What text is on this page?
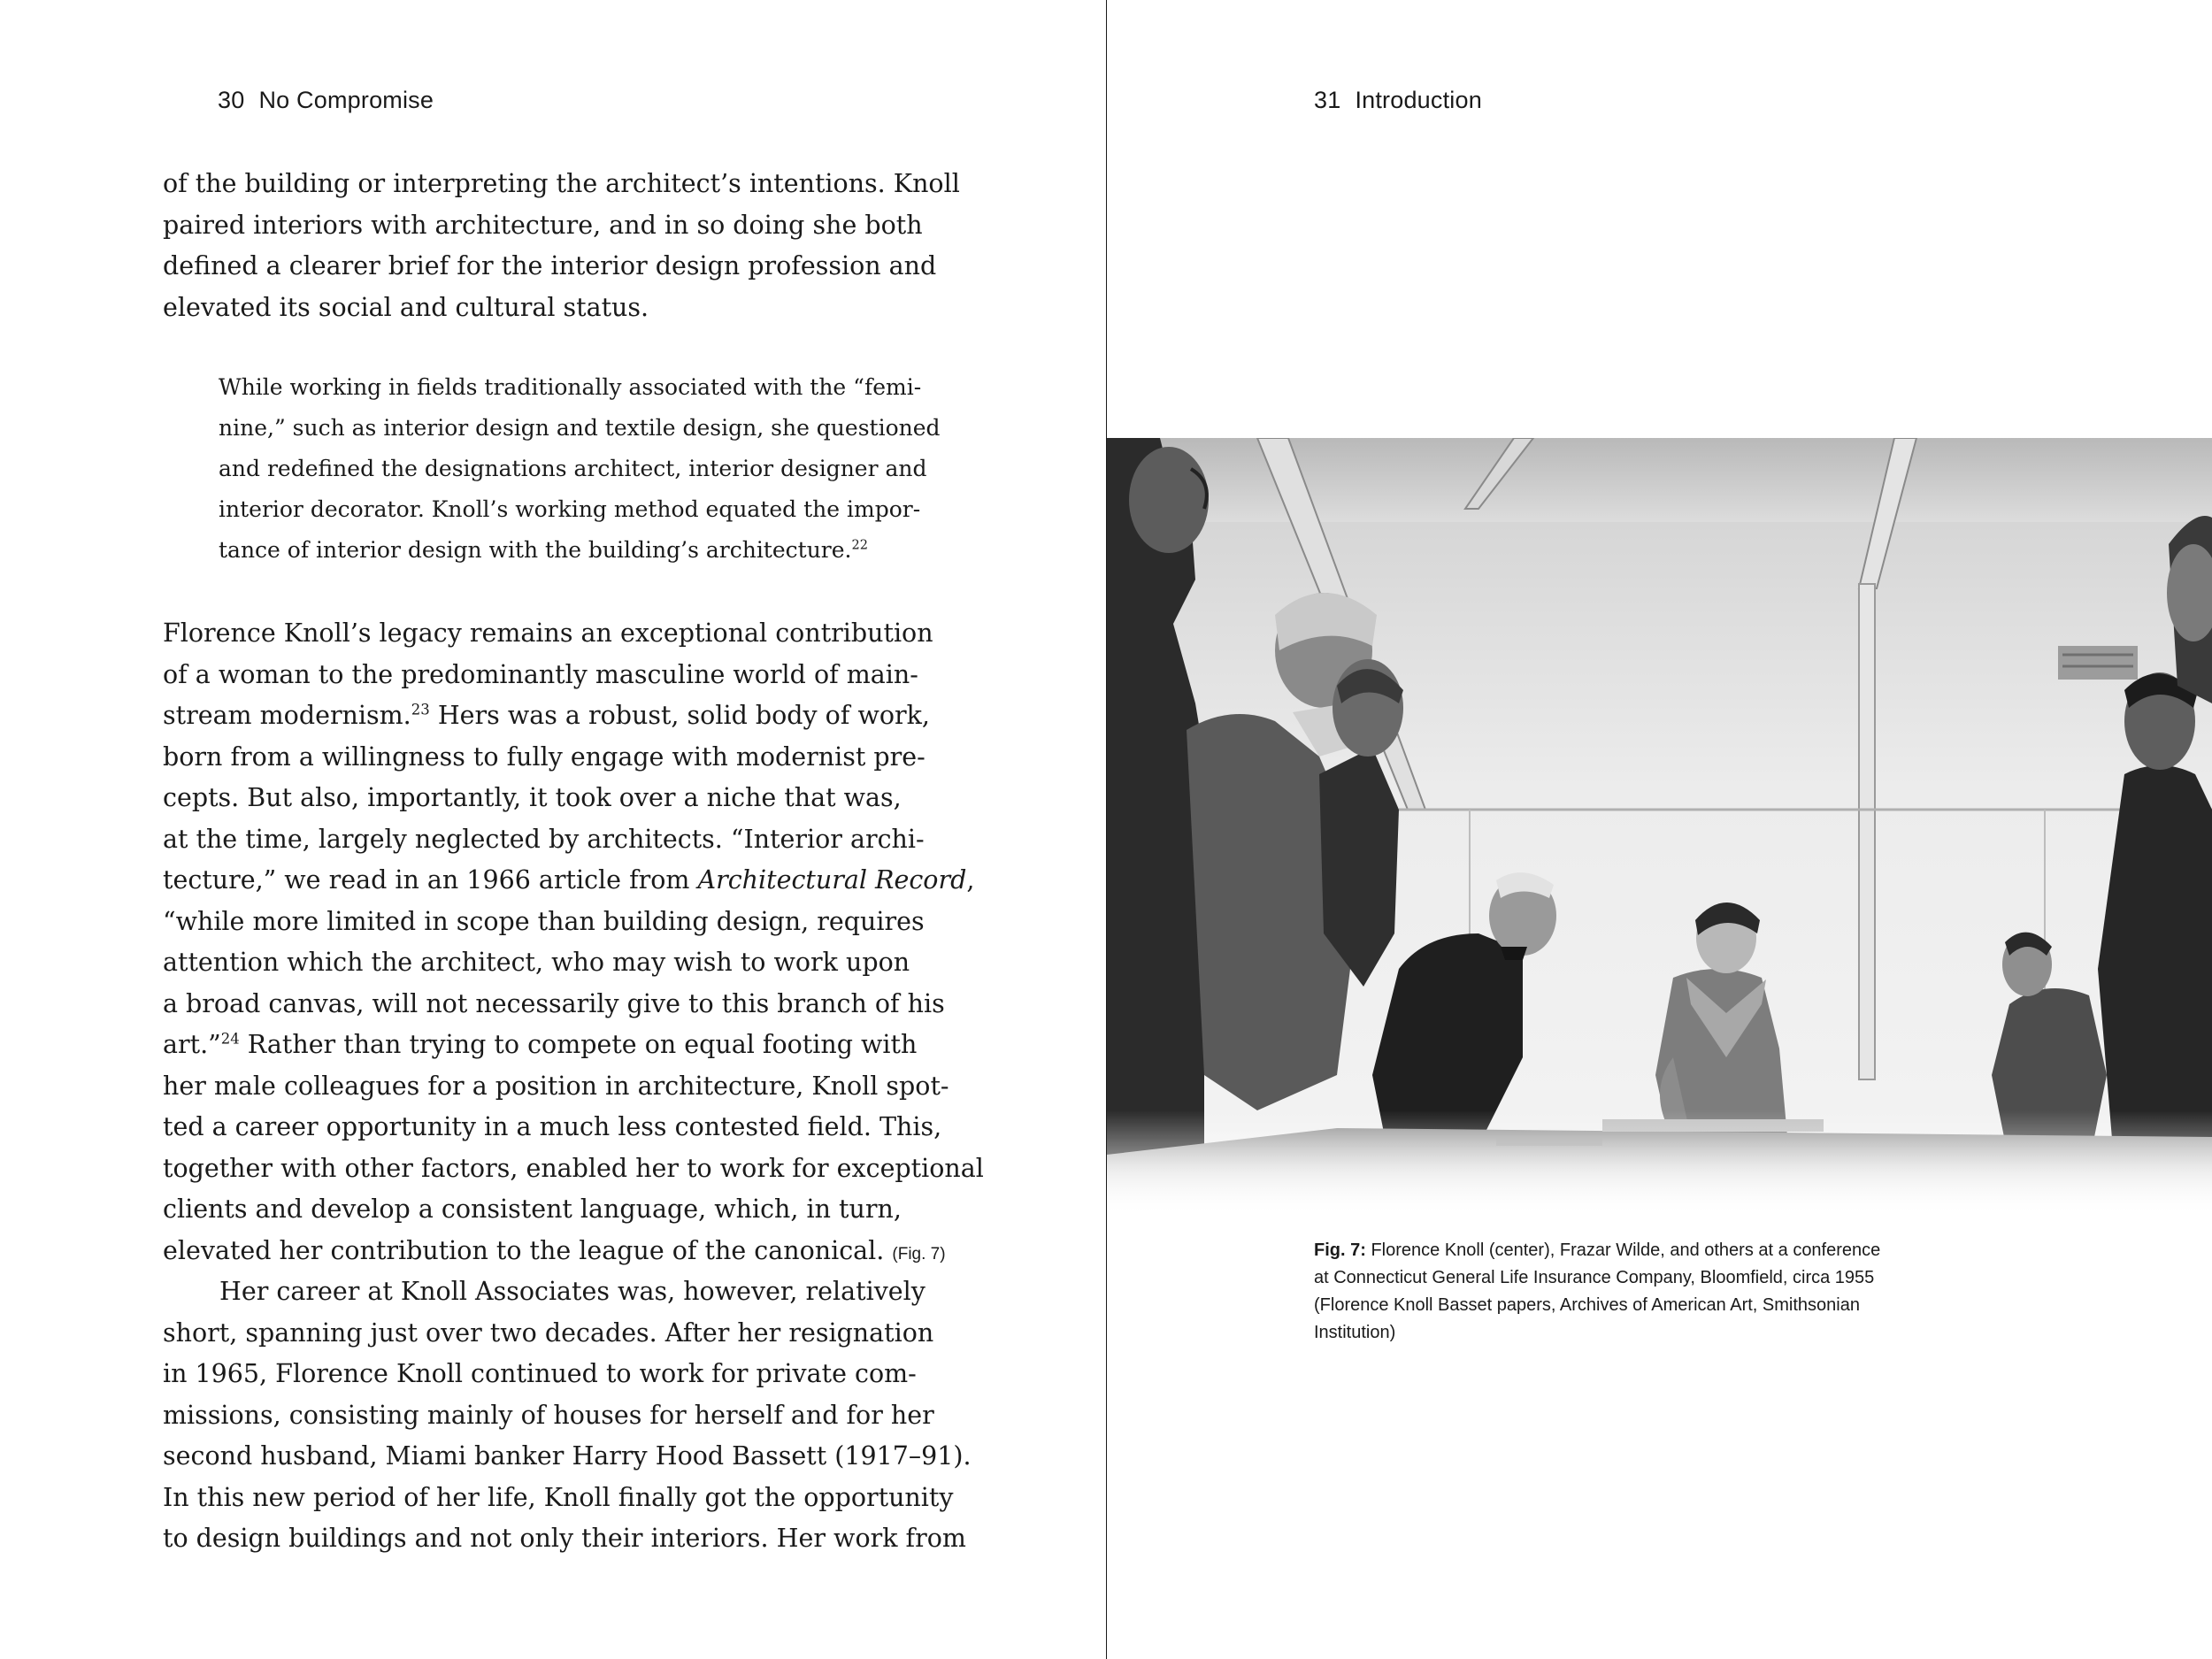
30 No Compromise
of the building or interpreting the architect’s intentions. Knoll
paired interiors with architecture, and in so doing she both
defined a clearer brief for the interior design profession and
elevated its social and cultural status.
While working in fields traditionally associated with the “femi-
nine,” such as interior design and textile design, she questioned
and redefined the designations architect, interior designer and
interior decorator. Knoll’s working method equated the impor-
tance of interior design with the building’s architecture.$^{22}$
Florence Knoll’s legacy remains an exceptional contribution
of a woman to the predominantly masculine world of main-
stream modernism.$^{23}$ Hers was a robust, solid body of work,
born from a willingness to fully engage with modernist pre-
cepts. But also, importantly, it took over a niche that was,
at the time, largely neglected by architects. “Interior archi-
tecture,” we read in an 1966 article from Architectural Record,
“while more limited in scope than building design, requires
attention which the architect, who may wish to work upon
a broad canvas, will not necessarily give to this branch of his
art.”$^{24}$ Rather than trying to compete on equal footing with
her male colleagues for a position in architecture, Knoll spot-
ted a career opportunity in a much less contested field. This,
together with other factors, enabled her to work for exceptional
clients and develop a consistent language, which, in turn,
elevated her contribution to the league of the canonical. (Fig. 7)
Her career at Knoll Associates was, however, relatively
short, spanning just over two decades. After her resignation
in 1965, Florence Knoll continued to work for private com-
missions, consisting mainly of houses for herself and for her
second husband, Miami banker Harry Hood Bassett (1917–91).
In this new period of her life, Knoll finally got the opportunity
to design buildings and not only their interiors. Her work from
31 Introduction
Fig. 7: Florence Knoll (center), Frazar Wilde, and others at a conference
at Connecticut General Life Insurance Company, Bloomfield, circa 1955
(Florence Knoll Basset papers, Archives of American Art, Smithsonian
Institution)
